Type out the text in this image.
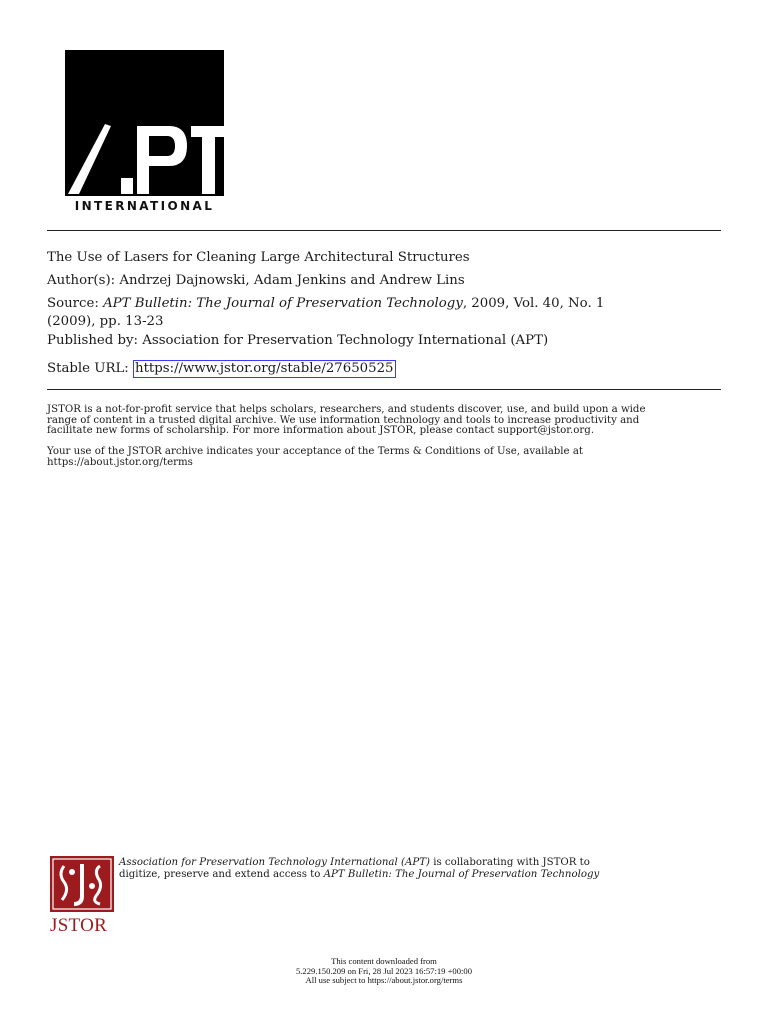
INTERNATIONAL
The Use of Lasers for Cleaning Large Architectural Structures
Author(s): Andrzej Dajnowski, Adam Jenkins and Andrew Lins
Source: APT Bulletin: The Journal of Preservation Technology, 2009, Vol. 40, No. 1
(2009), pp. 13-23
Published by: Association for Preservation Technology International (APT)
Stable URL: https://www.jstor.org/stable/27650525
JSTOR is a not-for-profit service that helps scholars, researchers, and students discover, use, and build upon a wide
range of content in a trusted digital archive. We use information technology and tools to increase productivity and
facilitate new forms of scholarship. For more information about JSTOR, please contact support@jstor.org.
Your use of the JSTOR archive indicates your acceptance of the Terms & Conditions of Use, available at
https://about.jstor.org/terms
JSTOR
Association for Preservation Technology International (APT) is collaborating with JSTOR to
digitize, preserve and extend access to APT Bulletin: The Journal of Preservation Technology
This content downloaded from
5.229.150.209 on Fri, 28 Jul 2023 16:57:19 +00:00
All use subject to https://about.jstor.org/terms
